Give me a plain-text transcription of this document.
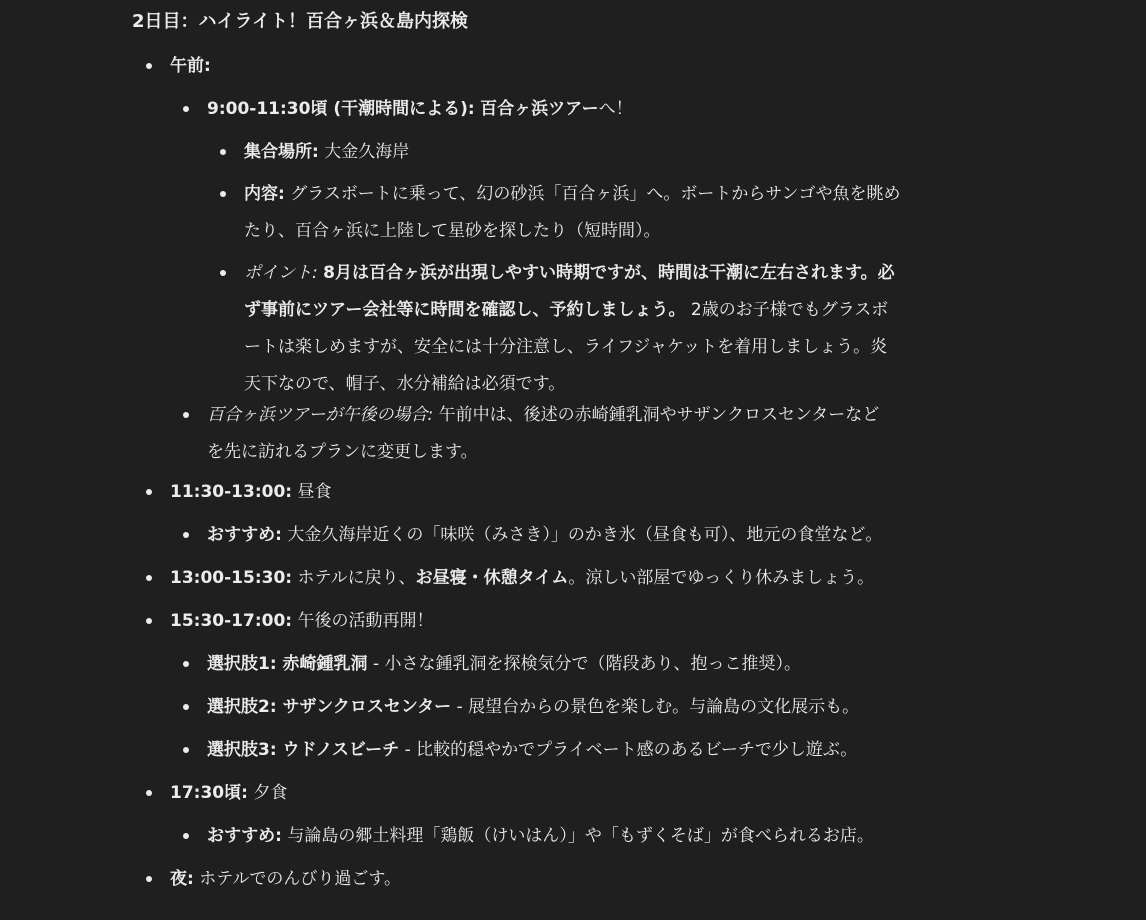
2日目：ハイライト！百合ヶ浜＆島内探検
午前:
9:00-11:30頃 (干潮時間による): 百合ヶ浜ツアーへ！
集合場所: 大金久海岸
内容: グラスボートに乗って、幻の砂浜「百合ヶ浜」へ。ボートからサンゴや魚を眺め
たり、百合ヶ浜に上陸して星砂を探したり（短時間）。
ポイント: 8月は百合ヶ浜が出現しやすい時期ですが、時間は干潮に左右されます。必
ず事前にツアー会社等に時間を確認し、予約しましょう。 2歳のお子様でもグラスボ
ートは楽しめますが、安全には十分注意し、ライフジャケットを着用しましょう。炎
天下なので、帽子、水分補給は必須です。
百合ヶ浜ツアーが午後の場合: 午前中は、後述の赤崎鍾乳洞やサザンクロスセンターなど
を先に訪れるプランに変更します。
11:30-13:00: 昼食
おすすめ: 大金久海岸近くの「味咲（みさき）」のかき氷（昼食も可）、地元の食堂など。
13:00-15:30: ホテルに戻り、お昼寝・休憩タイム。涼しい部屋でゆっくり休みましょう。
15:30-17:00: 午後の活動再開！
選択肢1: 赤崎鍾乳洞 - 小さな鍾乳洞を探検気分で（階段あり、抱っこ推奨）。
選択肢2: サザンクロスセンター - 展望台からの景色を楽しむ。与論島の文化展示も。
選択肢3: ウドノスビーチ - 比較的穏やかでプライベート感のあるビーチで少し遊ぶ。
17:30頃: 夕食
おすすめ: 与論島の郷土料理「鶏飯（けいはん）」や「もずくそば」が食べられるお店。
夜: ホテルでのんびり過ごす。
